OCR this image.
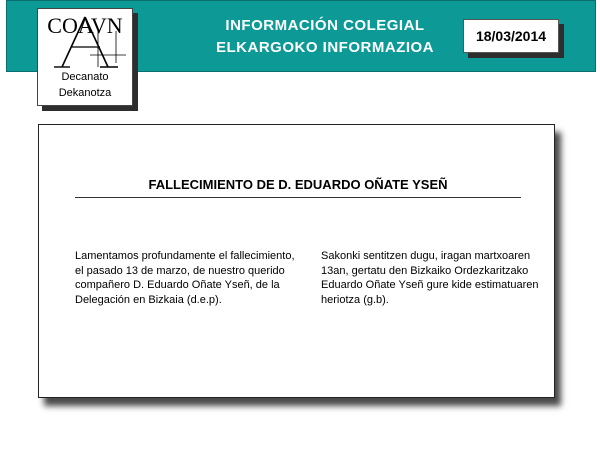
INFORMACIÓN COLEGIAL
ELKARGOKO INFORMAZIOA
18/03/2014
COAVN
Decanato
Dekanotza
FALLECIMIENTO DE D. EDUARDO OÑATE YSEÑ
Lamentamos profundamente el fallecimiento, el pasado 13 de marzo, de nuestro querido compañero D. Eduardo Oñate Yseñ, de la Delegación en Bizkaia (d.e.p).
Sakonki sentitzen dugu, iragan martxoaren 13an, gertatu den Bizkaiko Ordezkaritzako Eduardo Oñate Yseñ gure kide estimatuaren heriotza (g.b).
